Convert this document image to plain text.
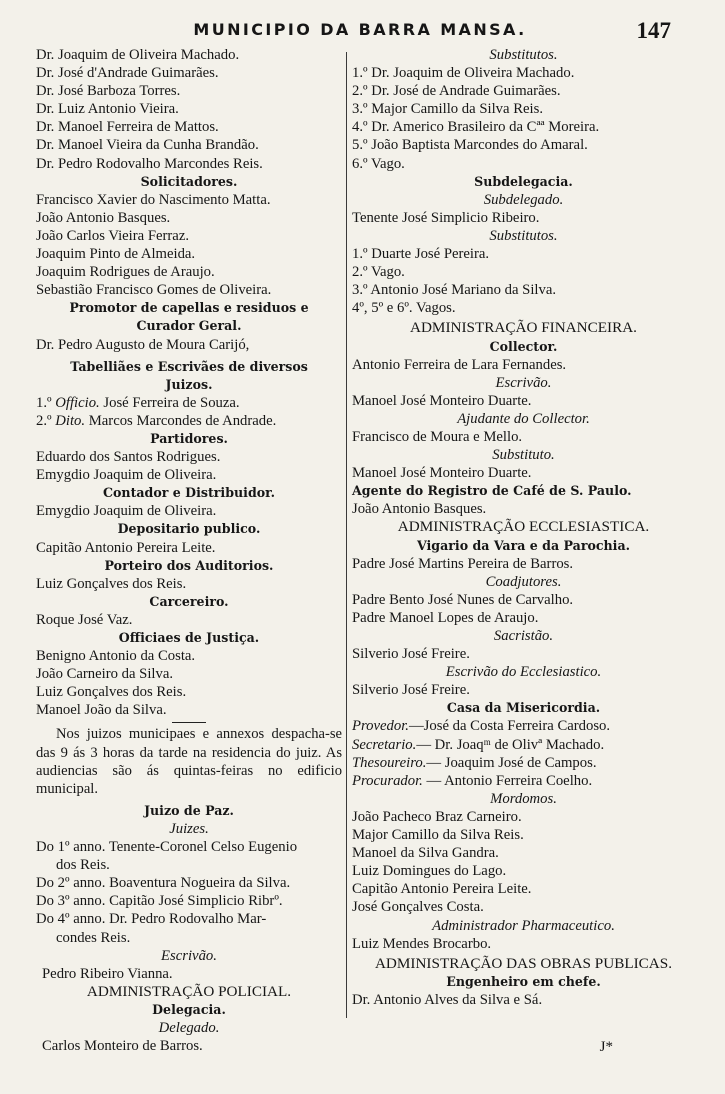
MUNICIPIO DA BARRA MANSA.	147
Dr. Joaquim de Oliveira Machado.
Dr. José d'Andrade Guimarães.
Dr. José Barboza Torres.
Dr. Luiz Antonio Vieira.
Dr. Manoel Ferreira de Mattos.
Dr. Manoel Vieira da Cunha Brandão.
Dr. Pedro Rodovalho Marcondes Reis.
Solicitadores.
Francisco Xavier do Nascimento Matta.
João Antonio Basques.
João Carlos Vieira Ferraz.
Joaquim Pinto de Almeida.
Joaquim Rodrigues de Araujo.
Sebastião Francisco Gomes de Oliveira.
Promotor de capellas e residuos e
Curador Geral.
Dr. Pedro Augusto de Moura Carijó,
Tabelliães e Escrivães de diversos
Juizos.
1.º Officio. José Ferreira de Souza.
2.º Dito. Marcos Marcondes de Andrade.
Partidores.
Eduardo dos Santos Rodrigues.
Emygdio Joaquim de Oliveira.
Contador e Distribuidor.
Emygdio Joaquim de Oliveira.
Depositario publico.
Capitão Antonio Pereira Leite.
Porteiro dos Auditorios.
Luiz Gonçalves dos Reis.
Carcereiro.
Roque José Vaz.
Officiaes de Justiça.
Benigno Antonio da Costa.
João Carneiro da Silva.
Luiz Gonçalves dos Reis.
Manoel João da Silva.
Nos juizos municipaes e annexos despacha-se das 9 ás 3 horas da tarde na residencia do juiz. As audiencias são ás quintas-feiras no edificio municipal.
Juizo de Paz.
Juizes.
Do 1º anno. Tenente-Coronel Celso Eugenio
dos Reis.
Do 2º anno. Boaventura Nogueira da Silva.
Do 3º anno. Capitão José Simplicio Ribrº.
Do 4º anno. Dr. Pedro Rodovalho Mar-
condes Reis.
Escrivão.
Pedro Ribeiro Vianna.
ADMINISTRAÇÃO POLICIAL.
Delegacia.
Delegado.
Carlos Monteiro de Barros.
Substitutos.
1.º Dr. Joaquim de Oliveira Machado.
2.º Dr. José de Andrade Guimarães.
3.º Major Camillo da Silva Reis.
4.º Dr. Americo Brasileiro da Cªª Moreira.
5.º João Baptista Marcondes do Amaral.
6.º Vago.
Subdelegacia.
Subdelegado.
Tenente José Simplicio Ribeiro.
Substitutos.
1.º Duarte José Pereira.
2.º Vago.
3.º Antonio José Mariano da Silva.
4º, 5º e 6º. Vagos.
ADMINISTRAÇÃO FINANCEIRA.
Collector.
Antonio Ferreira de Lara Fernandes.
Escrivão.
Manoel José Monteiro Duarte.
Ajudante do Collector.
Francisco de Moura e Mello.
Substituto.
Manoel José Monteiro Duarte.
Agente do Registro de Café de S. Paulo.
João Antonio Basques.
ADMINISTRAÇÃO ECCLESIASTICA.
Vigario da Vara e da Parochia.
Padre José Martins Pereira de Barros.
Coadjutores.
Padre Bento José Nunes de Carvalho.
Padre Manoel Lopes de Araujo.
Sacristão.
Silverio José Freire.
Escrivão do Ecclesiastico.
Silverio José Freire.
Casa da Misericordia.
Provedor.—José da Costa Ferreira Cardoso.
Secretario.— Dr. Joaqᵐ de Olivª Machado.
Thesoureiro.— Joaquim José de Campos.
Procurador. — Antonio Ferreira Coelho.
Mordomos.
João Pacheco Braz Carneiro.
Major Camillo da Silva Reis.
Manoel da Silva Gandra.
Luiz Domingues do Lago.
Capitão Antonio Pereira Leite.
José Gonçalves Costa.
Administrador Pharmaceutico.
Luiz Mendes Brocarbo.
ADMINISTRAÇÃO DAS OBRAS PUBLICAS.
Engenheiro em chefe.
Dr. Antonio Alves da Silva e Sá.
J*
